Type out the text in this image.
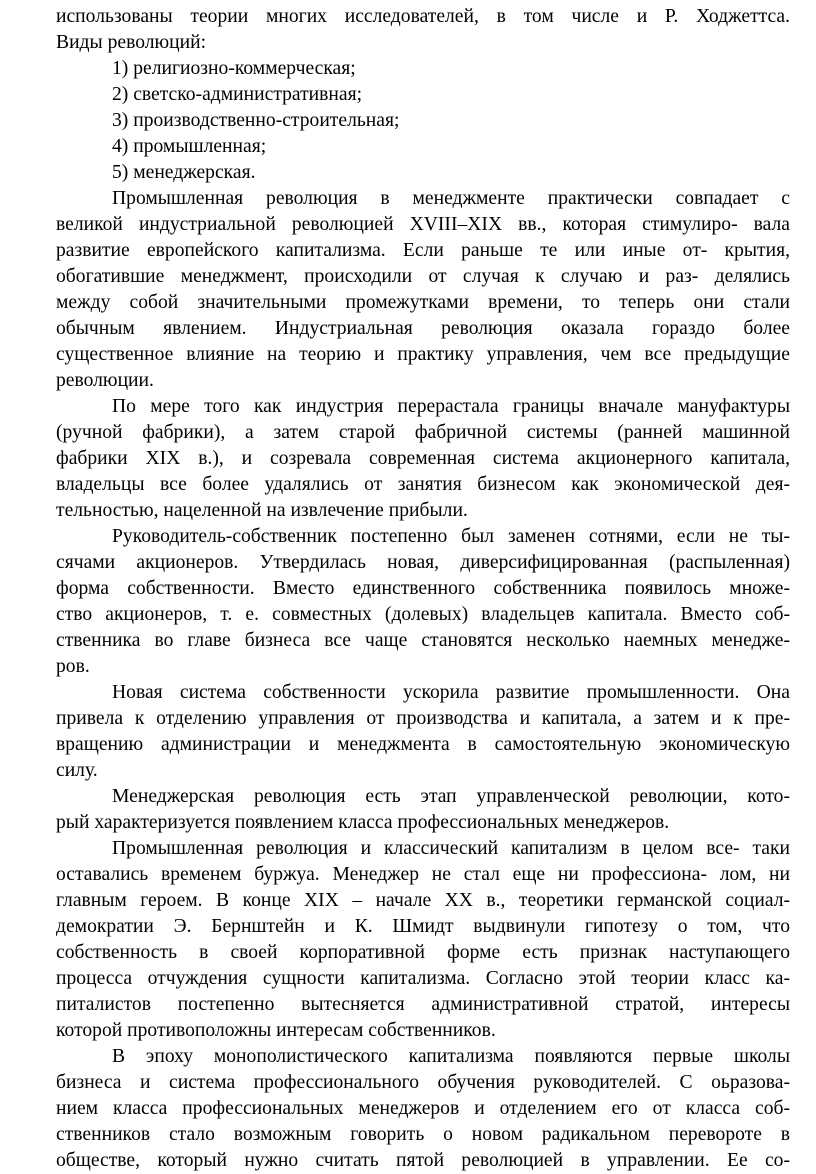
использованы теории многих исследователей, в том числе и Р. Ходжеттса.
Виды революций:
1) религиозно-коммерческая;
2) светско-административная;
3) производственно-строительная;
4) промышленная;
5) менеджерская.
Промышленная революция в менеджменте практически совпадает с
великой индустриальной революцией XVIII–XIX вв., которая стимулиро- вала
развитие европейского капитализма. Если раньше те или иные от- крытия,
обогатившие менеджмент, происходили от случая к случаю и раз- делялись
между собой значительными промежутками времени, то теперь они стали
обычным явлением. Индустриальная революция оказала гораздо более
существенное влияние на теорию и практику управления, чем все предыдущие
революции.
По мере того как индустрия перерастала границы вначале мануфактуры
(ручной фабрики), а затем старой фабричной системы (ранней машинной
фабрики XIX в.), и созревала современная система акционерного капитала,
владельцы все более удалялись от занятия бизнесом как экономической дея-
тельностью, нацеленной на извлечение прибыли.
Руководитель-собственник постепенно был заменен сотнями, если не ты-
сячами акционеров. Утвердилась новая, диверсифицированная (распыленная)
форма собственности. Вместо единственного собственника появилось множе-
ство акционеров, т. е. совместных (долевых) владельцев капитала. Вместо соб-
ственника во главе бизнеса все чаще становятся несколько наемных менедже-
ров.
Новая система собственности ускорила развитие промышленности. Она
привела к отделению управления от производства и капитала, а затем и к пре-
вращению администрации и менеджмента в самостоятельную экономическую
силу.
Менеджерская революция есть этап управленческой революции, кото-
рый характеризуется появлением класса профессиональных менеджеров.
Промышленная революция и классический капитализм в целом все- таки
оставались временем буржуа. Менеджер не стал еще ни профессиона- лом, ни
главным героем. В конце XIX – начале XX в., теоретики германской социал-
демократии Э. Бернштейн и К. Шмидт выдвинули гипотезу о том, что
собственность в своей корпоративной форме есть признак наступающего
процесса отчуждения сущности капитализма. Согласно этой теории класс ка-
питалистов постепенно вытесняется административной стратой, интересы
которой противоположны интересам собственников.
В эпоху монополистического капитализма появляются первые школы
бизнеса и система профессионального обучения руководителей. С оьразова-
нием класса профессиональных менеджеров и отделением его от класса соб-
ственников стало возможным говорить о новом радикальном перевороте в
обществе, который нужно считать пятой революцией в управлении. Ее со-
